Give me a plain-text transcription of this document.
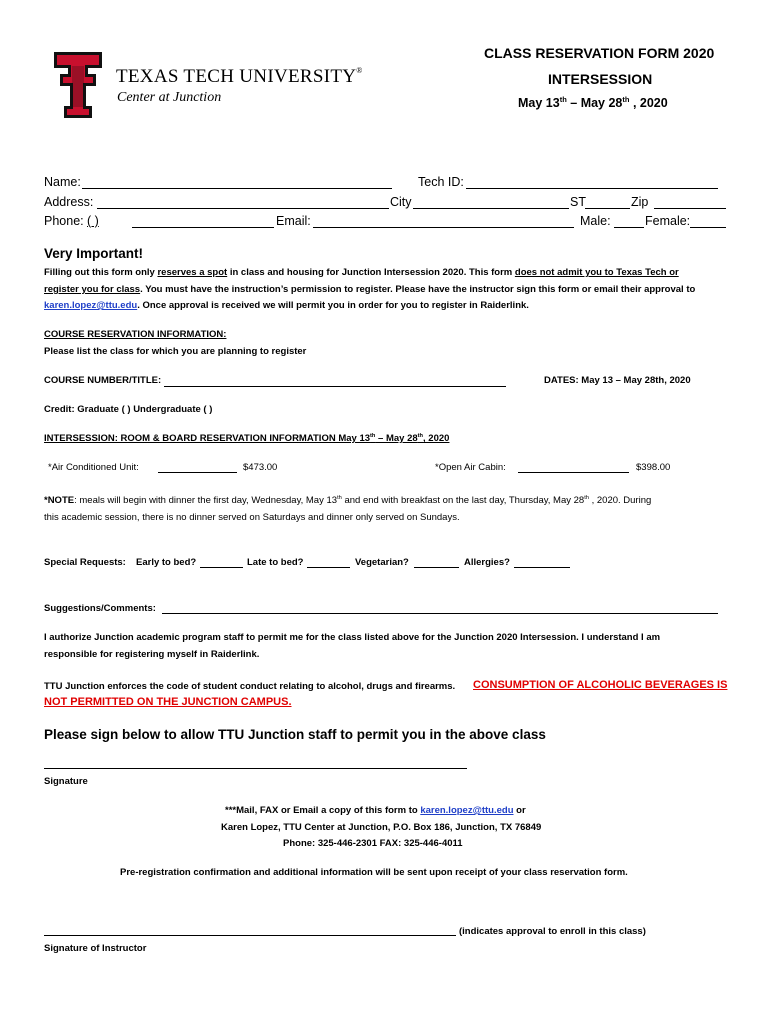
TEXAS TECH UNIVERSITY®
Center at Junction
CLASS RESERVATION FORM 2020
INTERSESSION
May 13th – May 28th , 2020
Name:	Tech ID:
Address:	City	ST	Zip
Phone: ( )	Email:	Male:	Female:
Very Important!
Filling out this form only reserves a spot in class and housing for Junction Intersession 2020. This form does not admit you to Texas Tech or
register you for class. You must have the instruction’s permission to register. Please have the instructor sign this form or email their approval to
karen.lopez@ttu.edu. Once approval is received we will permit you in order for you to register in Raiderlink.
COURSE RESERVATION INFORMATION:
Please list the class for which you are planning to register
COURSE NUMBER/TITLE:	DATES: May 13 – May 28th, 2020
Credit: Graduate ( ) Undergraduate ( )
INTERSESSION: ROOM & BOARD RESERVATION INFORMATION May 13th – May 28th, 2020
*Air Conditioned Unit:	$473.00	*Open Air Cabin:	$398.00
*NOTE: meals will begin with dinner the first day, Wednesday, May 13th and end with breakfast on the last day, Thursday, May 28th , 2020. During
this academic session, there is no dinner served on Saturdays and dinner only served on Sundays.
Special Requests: Early to bed?	Late to bed?	Vegetarian?	Allergies?
Suggestions/Comments:
I authorize Junction academic program staff to permit me for the class listed above for the Junction 2020 Intersession. I understand I am
responsible for registering myself in Raiderlink.
TTU Junction enforces the code of student conduct relating to alcohol, drugs and firearms. CONSUMPTION OF ALCOHOLIC BEVERAGES IS
NOT PERMITTED ON THE JUNCTION CAMPUS.
Please sign below to allow TTU Junction staff to permit you in the above class
Signature
***Mail, FAX or Email a copy of this form to karen.lopez@ttu.edu or
Karen Lopez, TTU Center at Junction, P.O. Box 186, Junction, TX 76849
Phone: 325-446-2301 FAX: 325-446-4011
Pre-registration confirmation and additional information will be sent upon receipt of your class reservation form.
(indicates approval to enroll in this class)
Signature of Instructor
